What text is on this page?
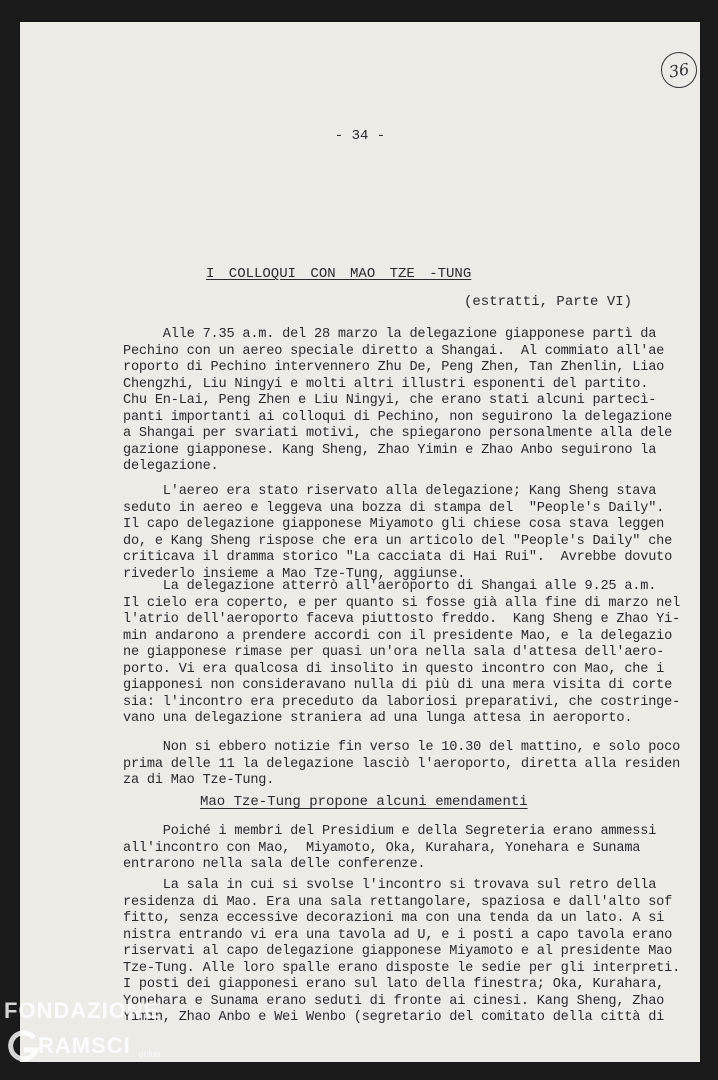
36
- 34 -
I COLLOQUI CON MAO TZE -TUNG
(estratti, Parte VI)

Alle 7.35 a.m. del 28 marzo la delegazione giapponese partì da
Pechino con un aereo speciale diretto a Shangai.  Al commiato all'ae
roporto di Pechino intervennero Zhu De, Peng Zhen, Tan Zhenlin, Liao
Chengzhi, Liu Ningyi e molti altri illustri esponenti del partito.
Chu En-Lai, Peng Zhen e Liu Ningyi, che erano stati alcuni partecì-
panti importanti ai colloqui di Pechino, non seguirono la delegazione
a Shangai per svariati motivi, che spiegarono personalmente alla dele
gazione giapponese. Kang Sheng, Zhao Yimin e Zhao Anbo seguirono la
delegazione.

L'aereo era stato riservato alla delegazione; Kang Sheng stava
seduto in aereo e leggeva una bozza di stampa del  "People's Daily".
Il capo delegazione giapponese Miyamoto gli chiese cosa stava leggen
do, e Kang Sheng rispose che era un articolo del "People's Daily" che
criticava il dramma storico "La cacciata di Hai Rui".  Avrebbe dovuto
rivederlo insieme a Mao Tze-Tung, aggiunse.

La delegazione atterrò all'aeroporto di Shangai alle 9.25 a.m.
Il cielo era coperto, e per quanto si fosse già alla fine di marzo nel
l'atrio dell'aeroporto faceva piuttosto freddo.  Kang Sheng e Zhao Yi-
min andarono a prendere accordi con il presidente Mao, e la delegazio
ne giapponese rimase per quasi un'ora nella sala d'attesa dell'aero-
porto. Vi era qualcosa di insolito in questo incontro con Mao, che i
giapponesi non consideravano nulla di più di una mera visita di corte
sia: l'incontro era preceduto da laboriosi preparativi, che costringe-
vano una delegazione straniera ad una lunga attesa in aeroporto.

Non si ebbero notizie fin verso le 10.30 del mattino, e solo poco
prima delle 11 la delegazione lasciò l'aeroporto, diretta alla residen
za di Mao Tze-Tung.

Mao Tze-Tung propone alcuni emendamenti

Poiché i membri del Presidium e della Segreteria erano ammessi
all'incontro con Mao,  Miyamoto, Oka, Kurahara, Yonehara e Sunama
entrarono nella sala delle conferenze.

La sala in cui si svolse l'incontro si trovava sul retro della
residenza di Mao. Era una sala rettangolare, spaziosa e dall'alto sof
fitto, senza eccessive decorazioni ma con una tenda da un lato. A si
nistra entrando vi era una tavola ad U, e i posti a capo tavola erano
riservati al capo delegazione giapponese Miyamoto e al presidente Mao
Tze-Tung. Alle loro spalle erano disposte le sedie per gli interpreti.
I posti dei giapponesi erano sul lato della finestra; Oka, Kurahara,
Yonehara e Sunama erano seduti di fronte ai cinesi. Kang Sheng, Zhao
Yimin, Zhao Anbo e Wei Wenbo (segretario del comitato della città di

FONDAZIONE
RAMSCI onlus
